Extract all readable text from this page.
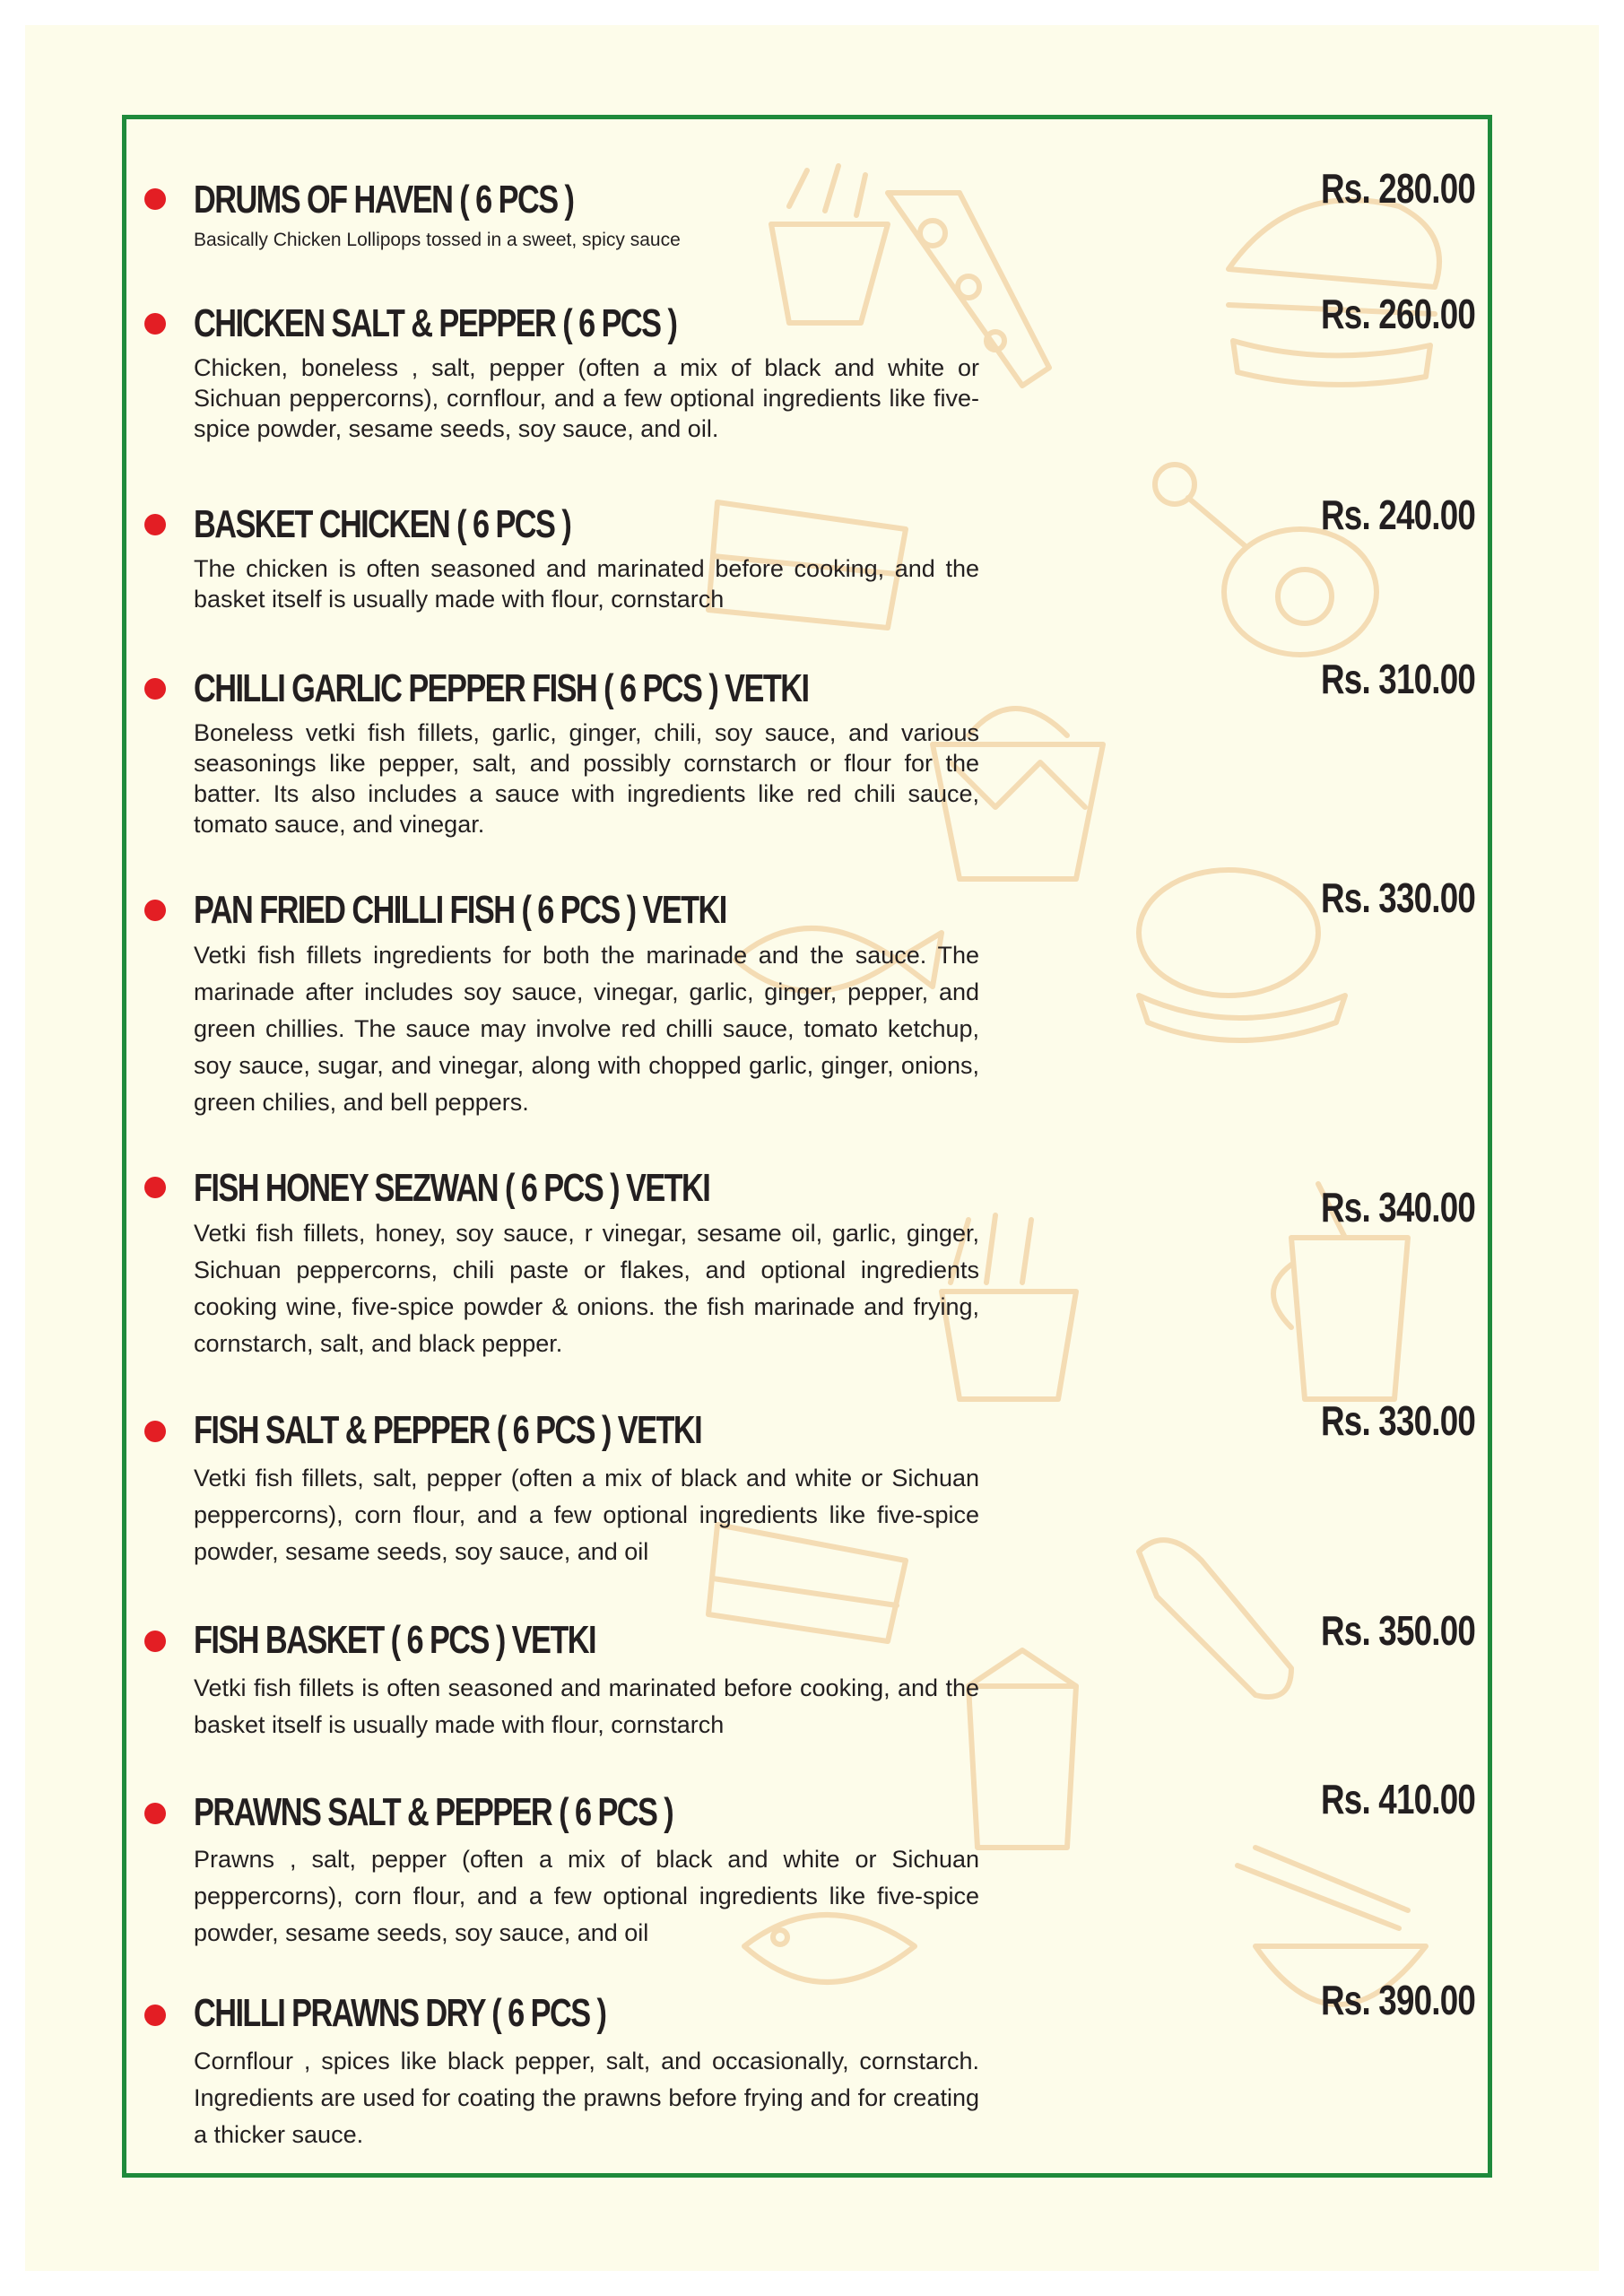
DRUMS OF HAVEN ( 6 PCS )

Basically Chicken Lollipops tossed in a sweet, spicy sauce

Rs. 280.00
CHICKEN SALT & PEPPER ( 6 PCS )

Chicken, boneless , salt, pepper (often a mix of black and white or Sichuan peppercorns), cornflour, and a few optional ingredients like five-spice powder, sesame seeds, soy sauce, and oil.

Rs. 260.00
BASKET CHICKEN ( 6 PCS )

The chicken is often seasoned and marinated before cooking, and the basket itself is usually made with flour, cornstarch

Rs. 240.00
CHILLI GARLIC PEPPER FISH ( 6 PCS ) VETKI

Boneless vetki fish fillets, garlic, ginger, chili, soy sauce, and various seasonings like pepper, salt, and possibly cornstarch or flour for the batter. Its also includes a sauce with ingredients like red chili sauce, tomato sauce, and vinegar.

Rs. 310.00
PAN FRIED CHILLI FISH ( 6 PCS ) VETKI

Vetki fish fillets ingredients for both the marinade and the sauce. The marinade after includes soy sauce, vinegar, garlic, ginger, pepper, and green chillies. The sauce may involve red chilli sauce, tomato ketchup, soy sauce, sugar, and vinegar, along with chopped garlic, ginger, onions, green chilies, and bell peppers.

Rs. 330.00
FISH HONEY SEZWAN ( 6 PCS ) VETKI

Vetki fish fillets, honey, soy sauce, r vinegar, sesame oil, garlic, ginger, Sichuan peppercorns, chili paste or flakes, and optional ingredients cooking wine, five-spice powder & onions. the fish marinade and frying, cornstarch, salt, and black pepper.

Rs. 340.00
FISH SALT & PEPPER ( 6 PCS ) VETKI

Vetki fish fillets, salt, pepper (often a mix of black and white or Sichuan peppercorns), corn flour, and a few optional ingredients like five-spice powder, sesame seeds, soy sauce, and oil

Rs. 330.00
FISH BASKET ( 6 PCS ) VETKI

Vetki fish fillets is often seasoned and marinated before cooking, and the basket itself is usually made with flour, cornstarch

Rs. 350.00
PRAWNS SALT & PEPPER ( 6 PCS )

Prawns , salt, pepper (often a mix of black and white or Sichuan peppercorns), corn flour, and a few optional ingredients like five-spice powder, sesame seeds, soy sauce, and oil

Rs. 410.00
CHILLI PRAWNS DRY ( 6 PCS )

Cornflour , spices like black pepper, salt, and occasionally, cornstarch. Ingredients are used for coating the prawns before frying and for creating a thicker sauce.

Rs. 390.00
